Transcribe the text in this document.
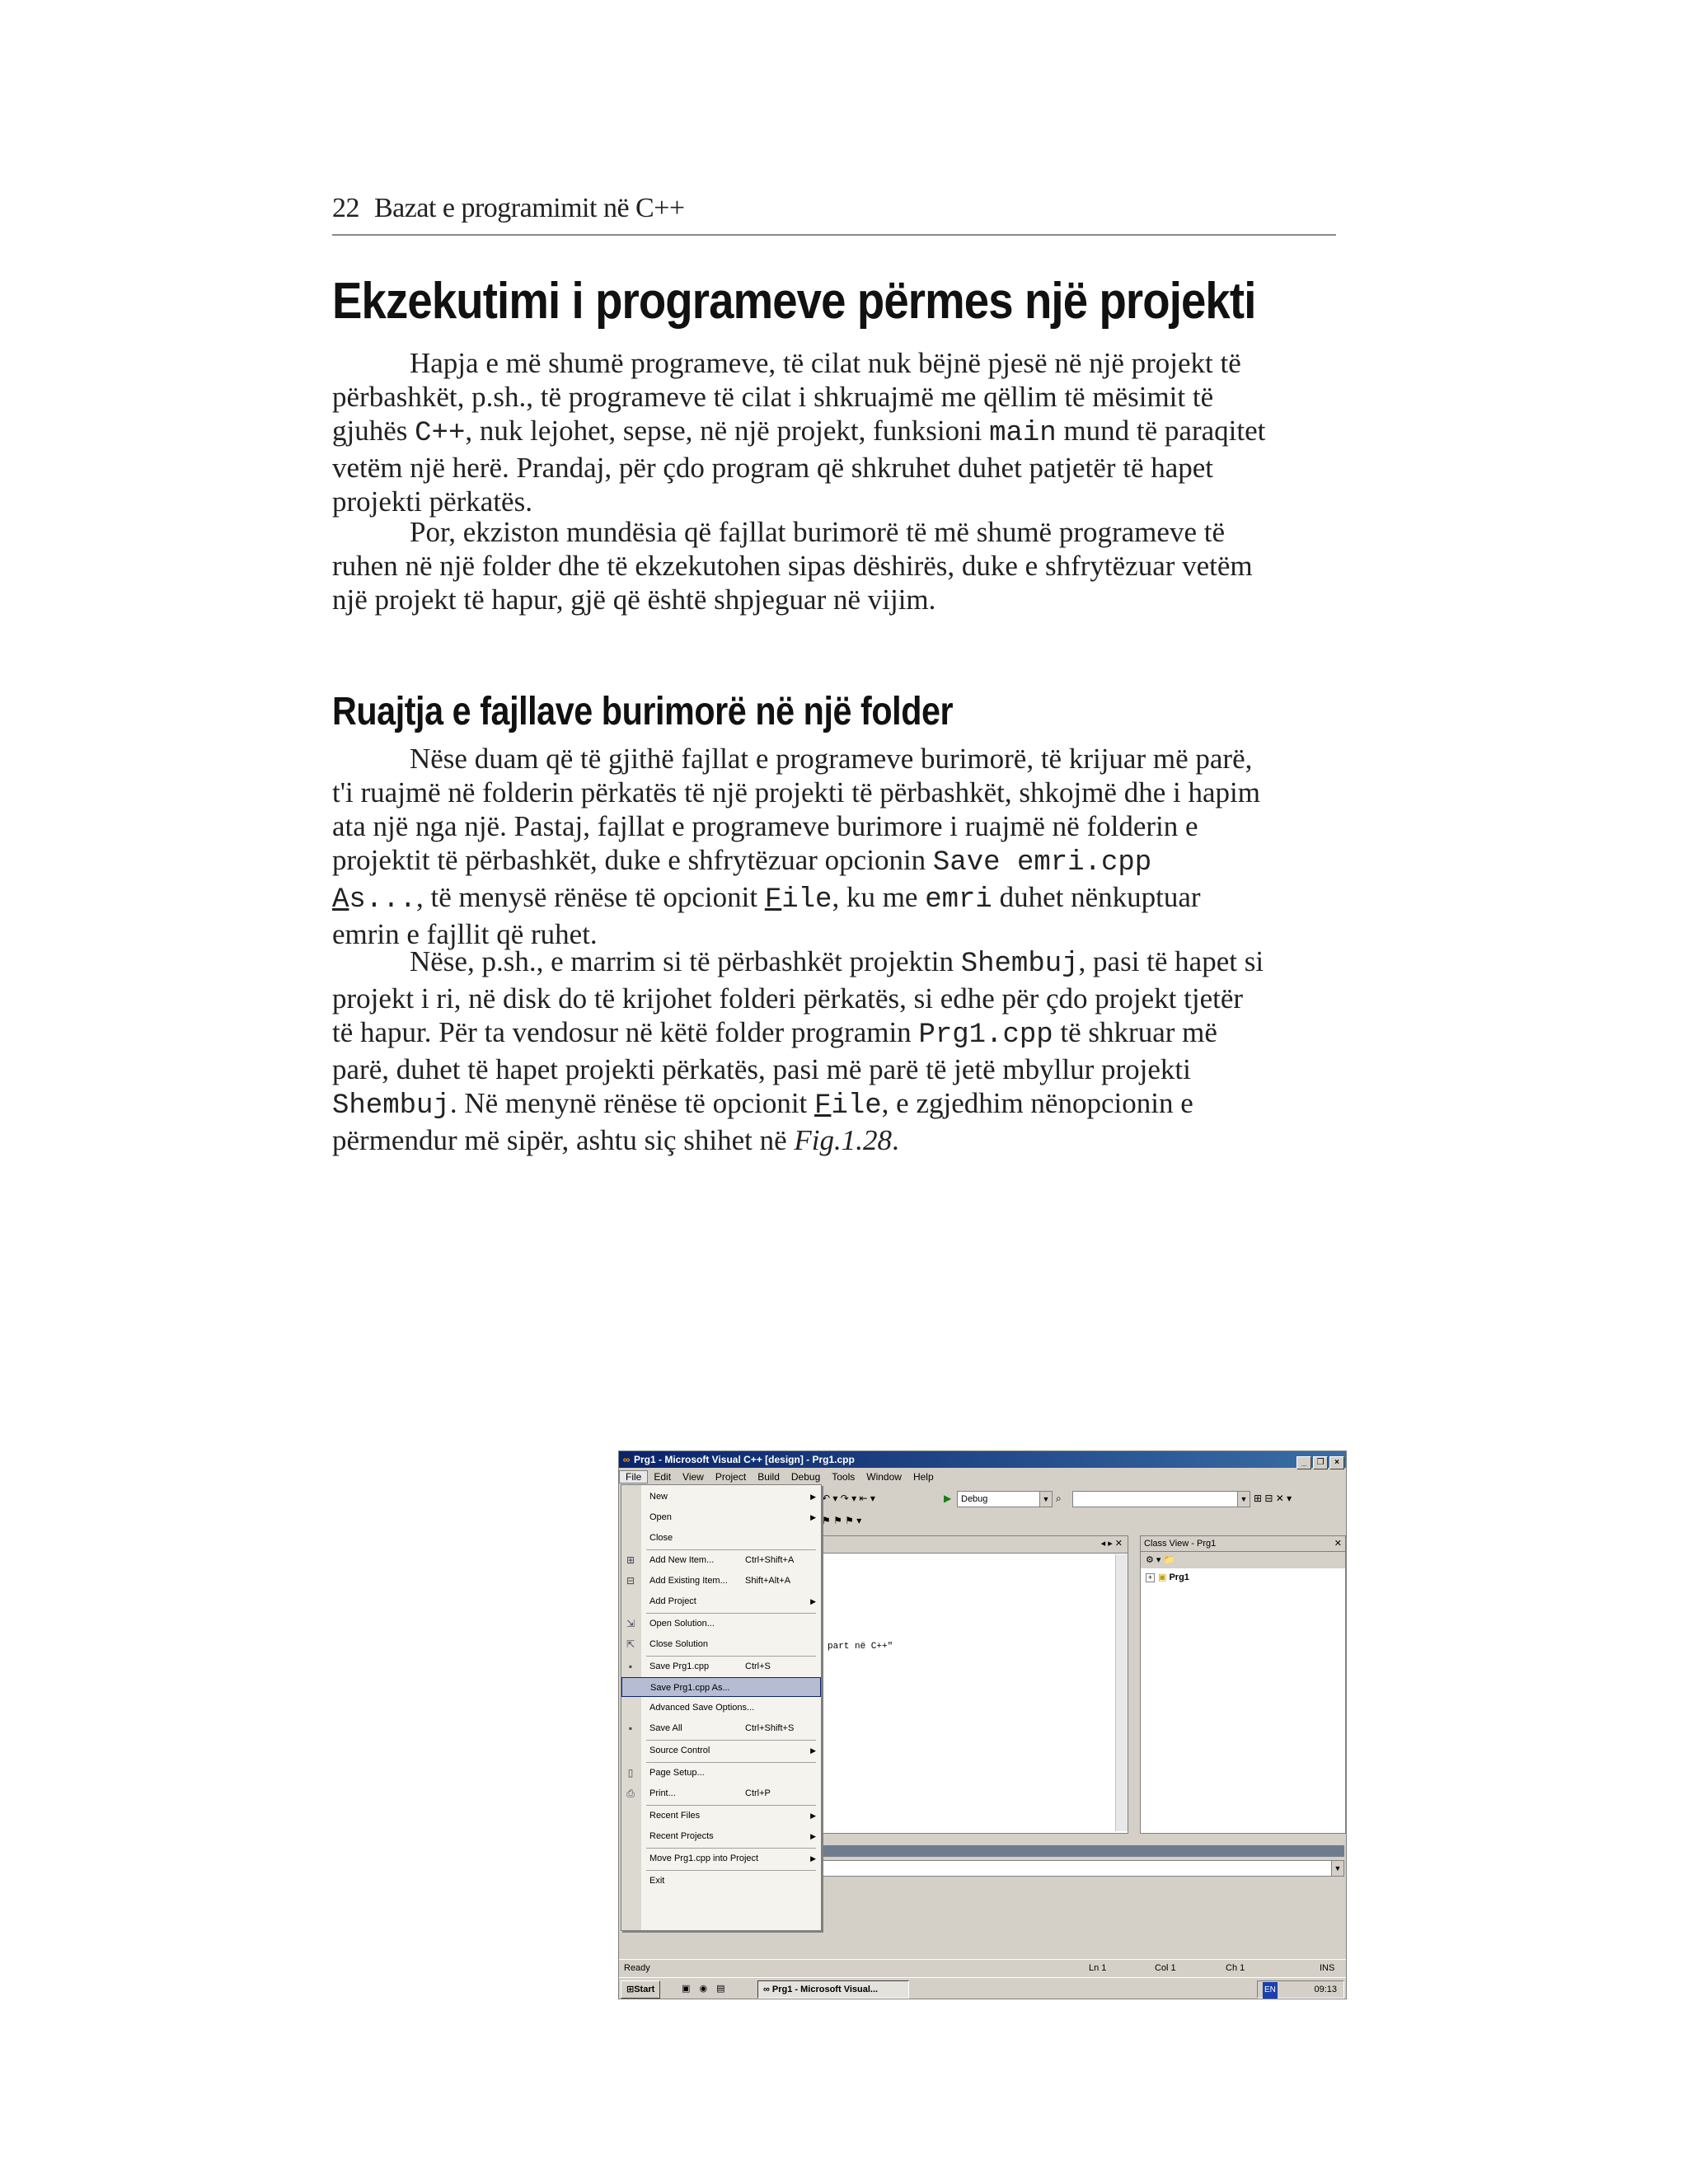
22 Bazat e programimit në C++
Ekzekutimi i programeve përmes një projekti
Hapja e më shumë programeve, të cilat nuk bëjnë pjesë në një projekt të
përbashkët, p.sh., të programeve të cilat i shkruajmë me qëllim të mësimit të
gjuhës C++, nuk lejohet, sepse, në një projekt, funksioni main mund të paraqitet
vetëm një herë. Prandaj, për çdo program që shkruhet duhet patjetër të hapet
projekti përkatës.
Por, ekziston mundësia që fajllat burimorë të më shumë programeve të
ruhen në një folder dhe të ekzekutohen sipas dëshirës, duke e shfrytëzuar vetëm
një projekt të hapur, gjë që është shpjeguar në vijim.
Ruajtja e fajllave burimorë në një folder
Nëse duam që të gjithë fajllat e programeve burimorë, të krijuar më parë,
t'i ruajmë në folderin përkatës të një projekti të përbashkët, shkojmë dhe i hapim
ata një nga një. Pastaj, fajllat e programeve burimore i ruajmë në folderin e
projektit të përbashkët, duke e shfrytëzuar opcionin Save emri.cpp
As..., të menysë rënëse të opcionit File, ku me emri duhet nënkuptuar
emrin e fajllit që ruhet.
Nëse, p.sh., e marrim si të përbashkët projektin Shembuj, pasi të hapet si
projekt i ri, në disk do të krijohet folderi përkatës, si edhe për çdo projekt tjetër
të hapur. Për ta vendosur në këtë folder programin Prg1.cpp të shkruar më
parë, duhet të hapet projekti përkatës, pasi më parë të jetë mbyllur projekti
Shembuj. Në menynë rënëse të opcionit File, e zgjedhim nënopcionin e
përmendur më sipër, ashtu siç shihet në Fig.1.28.
∞ Prg1 - Microsoft Visual C++ [design] - Prg1.cpp	_ ❐ ×
File Edit View Project Build Debug Tools Window Help
↶ ▾ ↷ ▾ ⇤ ▾	▶	Debug	▼ ⌕	▼ ⊞ ⊟ ✕ ▾
⚑ ⚑ ⚑ ▾
◂ ▸ ✕
part në C++"
Class View - Prg1	✕
⚙ ▾ 📁
+ ▣ Prg1
▼
Ready	Ln 1	Col 1	Ch 1	INS
⊞Start	▣ ◉ ▤	∞ Prg1 - Microsoft Visual...	EN	09:13
New	▶
Open	▶
Close
⊞ Add New Item...	Ctrl+Shift+A
⊟ Add Existing Item... Shift+Alt+A
Add Project	▶
⇲ Open Solution...
⇱ Close Solution
▪	Save Prg1.cpp	Ctrl+S
Save Prg1.cpp As...
Advanced Save Options...
▪	Save All	Ctrl+Shift+S
Source Control	▶
▯	Page Setup...
⎙ Print...	Ctrl+P
Recent Files	▶
Recent Projects	▶
Move Prg1.cpp into Project	▶
Exit
